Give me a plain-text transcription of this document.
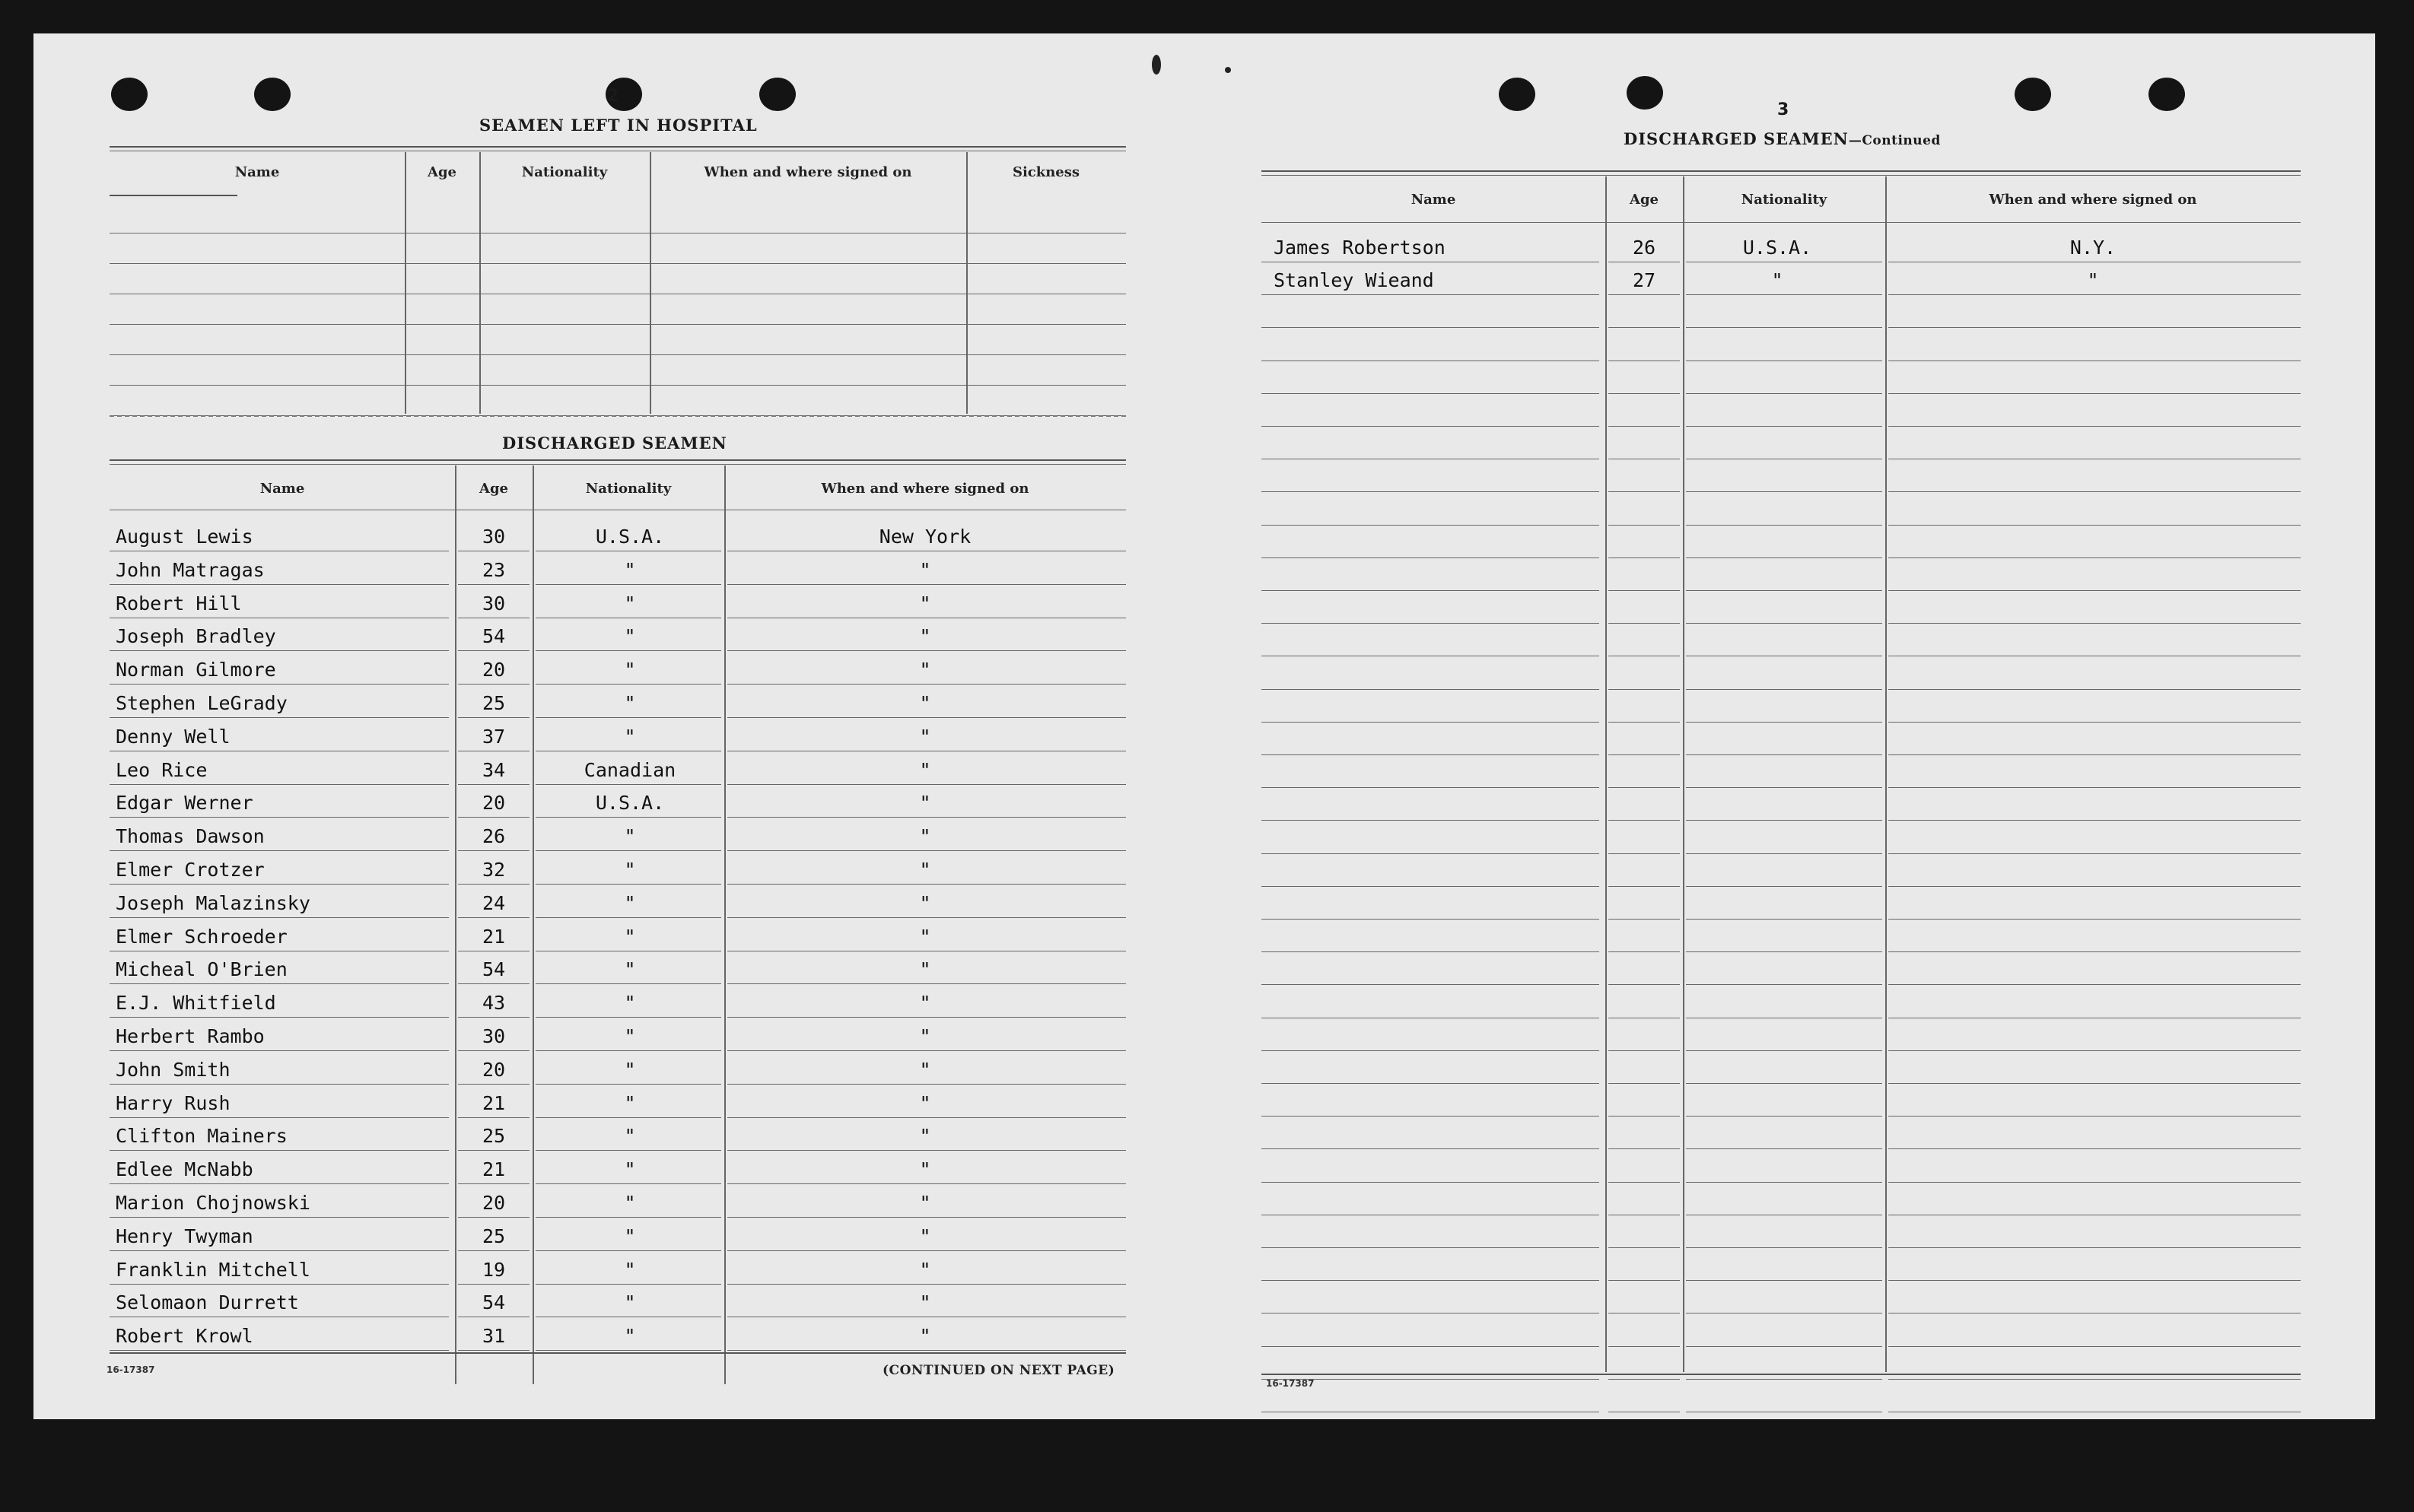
2
SEAMEN LEFT IN HOSPITAL
Name	Age	Nationality	When and where signed on	Sickness
DISCHARGED SEAMEN
Name	Age	Nationality	When and where signed on
August Lewis	30	U.S.A.	New York
John Matragas	23	"	"
Robert Hill	30	"	"
Joseph Bradley	54	"	"
Norman Gilmore	20	"	"
Stephen LeGrady	25	"	"
Denny Well	37	"	"
Leo Rice	34	Canadian	"
Edgar Werner	20	U.S.A.	"
Thomas Dawson	26	"	"
Elmer Crotzer	32	"	"
Joseph Malazinsky	24	"	"
Elmer Schroeder	21	"	"
Micheal O'Brien	54	"	"
E.J. Whitfield	43	"	"
Herbert Rambo	30	"	"
John Smith	20	"	"
Harry Rush	21	"	"
Clifton Mainers	25	"	"
Edlee McNabb	21	"	"
Marion Chojnowski	20	"	"
Henry Twyman	25	"	"
Franklin Mitchell	19	"	"
Selomaon Durrett	54	"	"
Robert Krowl	31	"	"
16-17387	(CONTINUED ON NEXT PAGE)
3
DISCHARGED SEAMEN—Continued
Name	Age	Nationality	When and where signed on
James Robertson	26	U.S.A.	N.Y.
Stanley Wieand	27	"	"
16-17387
